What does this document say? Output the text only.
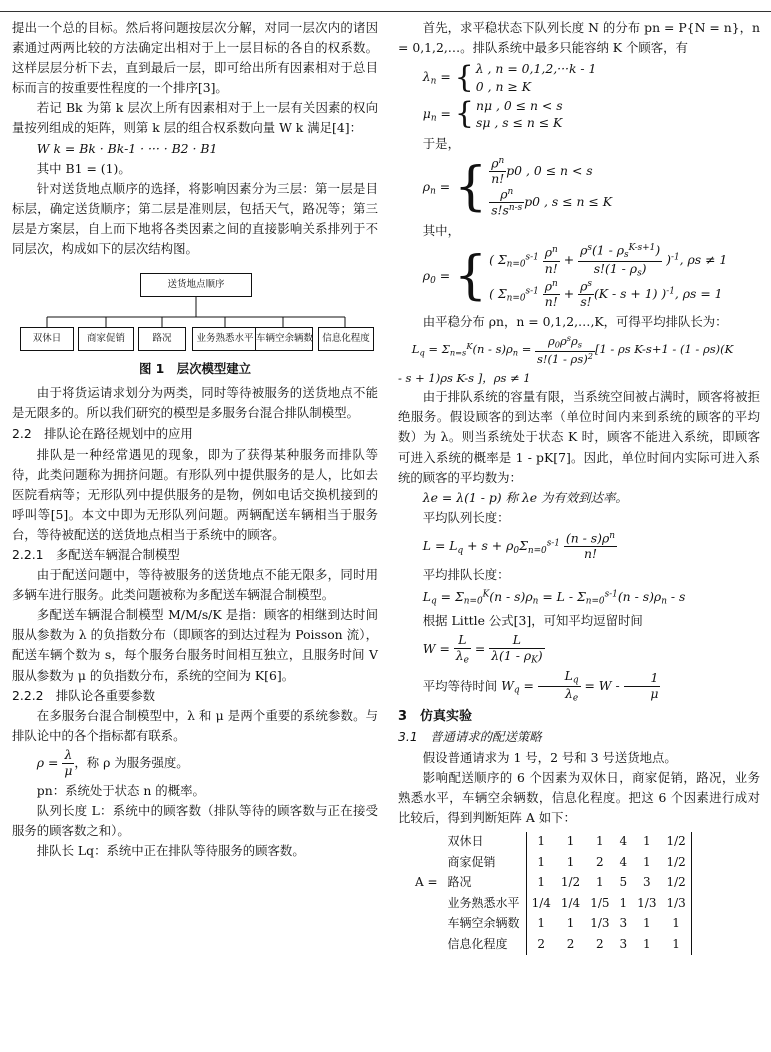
提出一个总的目标。然后将问题按层次分解，对同一层次内的诸因素通过两两比较的方法确定出相对于上一层目标的各自的权系数。这样层层分析下去，直到最后一层，即可给出所有因素相对于总目标而言的按重要性程度的一个排序[3]。

若记 Bk 为第 k 层次上所有因素相对于上一层有关因素的权向量按列组成的矩阵，则第 k 层的组合权系数向量 W k 满足[4]：

W k = Bk · Bk-1 · ··· · B2 · B1
其中 B1 = (1)。

针对送货地点顺序的选择，将影响因素分为三层：第一层是目标层，确定送货顺序；第二层是准则层，包括天气，路况等；第三层是方案层，自上而下地将各类因素之间的直接影响关系排列于不同层次，构成如下的层次结构图。

送货地点顺序
双休日	商家促销	路况	业务熟悉水平 车辆空余辆数 信息化程度
图 1　层次模型建立

由于将货运请求划分为两类，同时等待被服务的送货地点不能是无限多的。所以我们研究的模型是多服务台混合排队制模型。

2.2　排队论在路径规划中的应用

排队是一种经常遇见的现象，即为了获得某种服务而排队等待，此类问题称为拥挤问题。有形队列中提供服务的是人，比如去医院看病等；无形队列中提供服务的是物，例如电话交换机接到的呼叫等[5]。本文中即为无形队列问题。两辆配送车辆相当于服务台，等待被配送的送货地点相当于系统中的顾客。

2.2.1　多配送车辆混合制模型

由于配送问题中，等待被服务的送货地点不能无限多，同时用多辆车进行服务。此类问题被称为多配送车辆混合制模型。

多配送车辆混合制模型 M/M/s/K 是指：顾客的相继到达时间服从参数为 λ 的负指数分布（即顾客的到达过程为 Poisson 流），配送车辆个数为 s，每个服务台服务时间相互独立，且服务时间 V 服从参数为 μ 的负指数分布，系统的空间为 K[6]。

2.2.2　排队论各重要参数

在多服务台混合制模型中，λ 和 μ 是两个重要的系统参数。与排队论中的各个指标都有联系。

$\rho = \frac{\lambda}{\mu}$ ，称 ρ 为服务强度。

pn：系统处于状态 n 的概率。

队列长度 L：系统中的顾客数（排队等待的顾客数与正在接受服务的顾客数之和）。

排队长 Lq：系统中正在排队等待服务的顾客数。

首先，求平稳状态下队列长度 N 的分布 pn = P{N = n}，n = 0,1,2,…。排队系统中最多只能容纳 K 个顾客，有

$\lambda_n$ = { λ , n = 0,1,2,···k - 1
0 , n ≥ K
$\mu_n$ = { nμ , 0 ≤ n < s
sμ , s ≤ n ≤ K
于是，
$\rho_n$ = { $\frac{\rho^n}{n!} p0$ , 0 ≤ n < s

$\frac{\rho^n}{s!s^{n-s}} p0$ , s ≤ n ≤ K
其中，
$\rho_0$ = { ( $\Sigma_{n=0}^{s-1} \frac{\rho^n}{n!} + \frac{\rho^s(1 - \rho_s^{K-s+1})}{s!(1 - \rho_s)} )^{-1}$, ρs ≠ 1
( $\Sigma_{n=0}^{s-1} \frac{\rho^n}{n!} + \frac{\rho^s}{s!} (K - s + 1)$ )$^{-1}$, ρs = 1

由平稳分布 ρn，n = 0,1,2,…,K，可得平均排队长为：

$L_q = \Sigma_{n=s}^K(n - s)\rho_n = \frac{\rho_0\rho^s\rho_s}{s!(1 - \rho s)^2} [1 - \rho s$ K-s+1 - (1 - ρs)(K
- s + 1)ρs K-s ]，ρs ≠ 1

由于排队系统的容量有限，当系统空间被占满时，顾客将被拒绝服务。假设顾客的到达率（单位时间内来到系统的顾客的平均数）为 λ。则当系统处于状态 K 时，顾客不能进入系统，即顾客可进入系统的概率是 1 - pK[7]。因此，单位时间内实际可进入系统的顾客的平均数为：

λe = λ(1 - p) 称 λe 为有效到达率。
平均队列长度：
$L = L_q + s + \rho_0\Sigma_{n=0}^{s-1} \frac{(n - s)\rho^n}{n!}$
平均排队长度：
$L_q = \Sigma_{n=0}^K(n - s)\rho_n = L - \Sigma_{n=0}^{s-1}(n - s)\rho_n - s$
根据 Little 公式[3]，可知平均逗留时间
$W = \frac{L}{\lambda_e} = \frac{L}{\lambda(1 - \rho_K)}$
平均等待时间 $W_q = \frac{L_q}{\lambda_e} = W - \frac{1}{\mu}$
3　仿真实验
3.1　普通请求的配送策略

假设普通请求为 1 号，2 号和 3 号送货地点。

影响配送顺序的 6 个因素为双休日，商家促销，路况，业务熟悉水平，车辆空余辆数，信息化程度。把这 6 个因素进行成对比较后，得到判断矩阵 A 如下：

	双休日	1	1	1	4	1	1/2
	商家促销	1	1	2	4	1	1/2
A =	路况	1	1/2	1	5	3	1/2
	业务熟悉水平	1/4	1/4	1/5	1	1/3	1/3
	车辆空余辆数	1	1	1/3	3	1	1
	信息化程度	2	2	2	3	1	1
